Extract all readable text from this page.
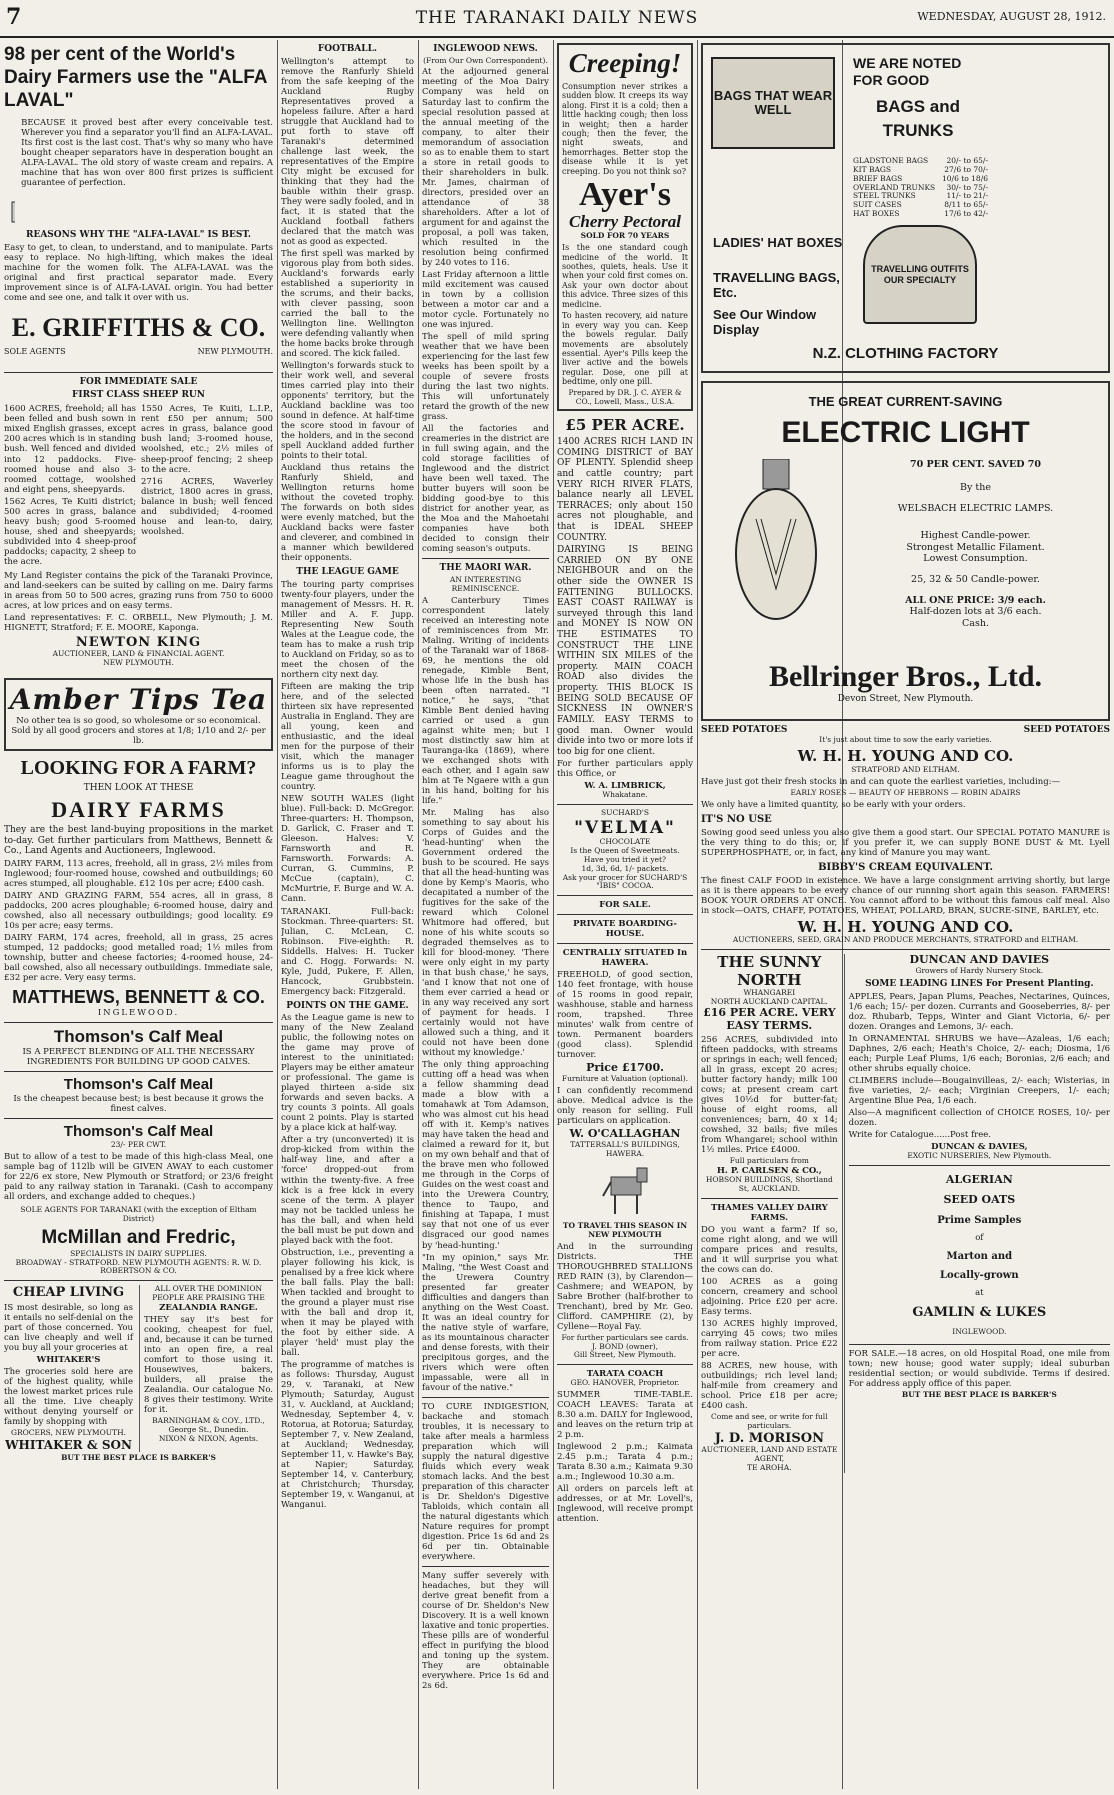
7	THE TARANAKI DAILY NEWS	WEDNESDAY, AUGUST 28, 1912.
98 per cent of the World's Dairy Farmers use the "ALFA LAVAL"
BECAUSE it proved best after every conceivable test. Wherever you find a separator you'll find an ALFA-LAVAL. Its first cost is the last cost. That's why so many who have bought cheaper separators have in desperation bought an ALFA-LAVAL. The old story of waste cream and repairs. A machine that has won over 800 first prizes is sufficient guarantee of perfection.
REASONS WHY THE "ALFA-LAVAL" IS BEST.
Easy to get, to clean, to understand, and to manipulate. Parts easy to replace. No high-lifting, which makes the ideal machine for the women folk. The ALFA-LAVAL was the original and first practical separator made. Every improvement since is of ALFA-LAVAL origin. You had better come and see one, and talk it over with us.
E. GRIFFITHS & CO.
SOLE AGENTS	NEW PLYMOUTH.
FOR IMMEDIATE SALE
FIRST CLASS SHEEP RUN
1600 ACRES, freehold; all has been felled and bush sown in mixed English grasses, except 200 acres which is in standing bush. Well fenced and divided into 12 paddocks. Five-roomed house and also 3-roomed cottage, woolshed and eight pens, sheepyards.
1562 Acres, Te Kuiti district; 500 acres in grass, balance heavy bush; good 5-roomed house, shed and sheepyards; subdivided into 4 sheep-proof paddocks; capacity, 2 sheep to the acre.
1550 Acres, Te Kuiti, L.I.P., rent £50 per annum; 500 acres in grass, balance good bush land; 3-roomed house, woolshed, etc.; 2½ miles of sheep-proof fencing; 2 sheep to the acre.
2716 ACRES, Waverley district, 1800 acres in grass, balance in bush; well fenced and subdivided; 4-roomed house and lean-to, dairy, woolshed.
My Land Register contains the pick of the Taranaki Province, and land-seekers can be suited by calling on me. Dairy farms in areas from 50 to 500 acres, grazing runs from 750 to 6000 acres, at low prices and on easy terms.
Land representatives: F. C. ORBELL, New Plymouth; J. M. HIGNETT, Stratford; F. E. MOORE, Kaponga.
NEWTON KING
AUCTIONEER, LAND & FINANCIAL AGENT.
NEW PLYMOUTH.
Amber Tips Tea
No other tea is so good, so wholesome or so economical.
Sold by all good grocers and stores at 1/8; 1/10 and 2/- per lb.
LOOKING FOR A FARM?
THEN LOOK AT THESE
DAIRY FARMS
They are the best land-buying propositions in the market to-day. Get further particulars from Matthews, Bennett & Co., Land Agents and Auctioneers, Inglewood.
DAIRY FARM, 113 acres, freehold, all in grass, 2½ miles from Inglewood; four-roomed house, cowshed and outbuildings; 60 acres stumped, all ploughable. £12 10s per acre; £400 cash.
DAIRY AND GRAZING FARM, 554 acres, all in grass, 8 paddocks, 200 acres ploughable; 6-roomed house, dairy and cowshed, also all necessary outbuildings; good locality. £9 10s per acre; easy terms.
DAIRY FARM, 174 acres, freehold, all in grass, 25 acres stumped, 12 paddocks; good metalled road; 1½ miles from township, butter and cheese factories; 4-roomed house, 24-bail cowshed, also all necessary outbuildings. Immediate sale, £32 per acre. Very easy terms.
MATTHEWS, BENNETT & CO.
INGLEWOOD.
Thomson's Calf Meal
IS A PERFECT BLENDING OF ALL THE NECESSARY INGREDIENTS FOR BUILDING UP GOOD CALVES.
Thomson's Calf Meal
Is the cheapest because best; is best because it grows the finest calves.
Thomson's Calf Meal
23/- PER CWT.
But to allow of a test to be made of this high-class Meal, one sample bag of 112lb will be GIVEN AWAY to each customer for 22/6 ex store, New Plymouth or Stratford; or 23/6 freight paid to any railway station in Taranaki. (Cash to accompany all orders, and exchange added to cheques.)
SOLE AGENTS FOR TARANAKI (with the exception of Eltham District)
McMillan and Fredric,
SPECIALISTS IN DAIRY SUPPLIES.
BROADWAY - STRATFORD. NEW PLYMOUTH AGENTS: R. W. D. ROBERTSON & CO.
CHEAP LIVING
IS most desirable, so long as it entails no self-denial on the part of those concerned. You can live cheaply and well if you buy all your groceries at
WHITAKER'S
The groceries sold here are of the highest quality, while the lowest market prices rule all the time. Live cheaply without denying yourself or family by shopping with
GROCERS, NEW PLYMOUTH.
WHITAKER & SON
ALL OVER THE DOMINION PEOPLE ARE PRAISING THE
ZEALANDIA RANGE.
THEY say it's best for cooking, cheapest for fuel, and, because it can be turned into an open fire, a real comfort to those using it. Housewives, bakers, builders, all praise the Zealandia. Our catalogue No. 8 gives their testimony. Write for it.
BARNINGHAM & COY., LTD.,
George St., Dunedin.
NIXON & NIXON, Agents.
BUT THE BEST PLACE IS BARKER'S
FOOTBALL.
Wellington's attempt to remove the Ranfurly Shield from the safe keeping of the Auckland Rugby Representatives proved a hopeless failure. After a hard struggle that Auckland had to put forth to stave off Taranaki's determined challenge last week, the representatives of the Empire City might be excused for thinking that they had the bauble within their grasp. They were sadly fooled, and in fact, it is stated that the Auckland football fathers declared that the match was not as good as expected.
The first spell was marked by vigorous play from both sides. Auckland's forwards early established a superiority in the scrums, and their backs, with clever passing, soon carried the ball to the Wellington line. Wellington were defending valiantly when the home backs broke through and scored. The kick failed.
Wellington's forwards stuck to their work well, and several times carried play into their opponents' territory, but the Auckland backline was too sound in defence. At half-time the score stood in favour of the holders, and in the second spell Auckland added further points to their total.
Auckland thus retains the Ranfurly Shield, and Wellington returns home without the coveted trophy. The forwards on both sides were evenly matched, but the Auckland backs were faster and cleverer, and combined in a manner which bewildered their opponents.
THE LEAGUE GAME
The touring party comprises twenty-four players, under the management of Messrs. H. R. Miller and A. F. Jupp. Representing New South Wales at the League code, the team has to make a rush trip to Auckland on Friday, so as to meet the chosen of the northern city next day.
Fifteen are making the trip here, and of the selected thirteen six have represented Australia in England. They are all young, keen and enthusiastic, and the ideal men for the purpose of their visit, which the manager informs us is to play the League game throughout the country.
NEW SOUTH WALES (light blue). Full-back: D. McGregor. Three-quarters: H. Thompson, D. Garlick, C. Fraser and T. Gleeson. Halves: V. Farnsworth and R. Farnsworth. Forwards: A. Curran, G. Cummins, P. McCue (captain), C. McMurtrie, F. Burge and W. A. Cann.
TARANAKI. Full-back: Stockman. Three-quarters: St. Julian, C. McLean, C. Robinson. Five-eighth: R. Siddells. Halves: H. Tucker and C. Hogg. Forwards: N. Kyle, Judd, Pukere, F. Allen, Hancock, Grubbstein. Emergency back: Fitzgerald.
POINTS ON THE GAME.
As the League game is new to many of the New Zealand public, the following notes on the game may prove of interest to the uninitiated: Players may be either amateur or professional. The game is played thirteen a-side six forwards and seven backs. A try counts 3 points. All goals count 2 points. Play is started by a place kick at half-way.
After a try (unconverted) it is drop-kicked from within the half-way line, and after a 'force' dropped-out from within the twenty-five. A free kick is a free kick in every scene of the term. A player may not be tackled unless he has the ball, and when held the ball must be put down and played back with the foot.
Obstruction, i.e., preventing a player following his kick, is penalised by a free kick where the ball falls. Play the ball: When tackled and brought to the ground a player must rise with the ball and drop it, when it may be played with the foot by either side. A player 'held' must play the ball.
The programme of matches is as follows: Thursday, August 29, v. Taranaki, at New Plymouth; Saturday, August 31, v. Auckland, at Auckland; Wednesday, September 4, v. Rotorua, at Rotorua; Saturday, September 7, v. New Zealand, at Auckland; Wednesday, September 11, v. Hawke's Bay, at Napier; Saturday, September 14, v. Canterbury, at Christchurch; Thursday, September 19, v. Wanganui, at Wanganui.
INGLEWOOD NEWS.
(From Our Own Correspondent).
At the adjourned general meeting of the Moa Dairy Company was held on Saturday last to confirm the special resolution passed at the annual meeting of the company, to alter their memorandum of association so as to enable them to start a store in retail goods to their shareholders in bulk. Mr. James, chairman of directors, presided over an attendance of 38 shareholders. After a lot of argument for and against the proposal, a poll was taken, which resulted in the resolution being confirmed by 240 votes to 116.
Last Friday afternoon a little mild excitement was caused in town by a collision between a motor car and a motor cycle. Fortunately no one was injured.
The spell of mild spring weather that we have been experiencing for the last few weeks has been spoilt by a couple of severe frosts during the last two nights. This will unfortunately retard the growth of the new grass.
All the factories and creameries in the district are in full swing again, and the cold storage facilities of Inglewood and the district have been well taxed. The butter buyers will soon be bidding good-bye to this district for another year, as the Moa and the Mahoetahi companies have both decided to consign their coming season's outputs.
THE MAORI WAR.
AN INTERESTING REMINISCENCE.
A Canterbury Times correspondent lately received an interesting note of reminiscences from Mr. Maling. Writing of incidents of the Taranaki war of 1868-69, he mentions the old renegade, Kimble Bent, whose life in the bush has been often narrated. "I notice," he says, "that Kimble Bent denied having carried or used a gun against white men; but I most distinctly saw him at Tauranga-ika (1869), where we exchanged shots with each other, and I again saw him at Te Ngaere with a gun in his hand, bolting for his life."
Mr. Maling has also something to say about his Corps of Guides and the 'head-hunting' when the Government ordered the bush to be scoured. He says that all the head-hunting was done by Kemp's Maoris, who decapitated a number of the fugitives for the sake of the reward which Colonel Whitmore had offered, but none of his white scouts so degraded themselves as to kill for blood-money. 'There were only eight in my party in that bush chase,' he says, 'and I know that not one of them ever carried a head or in any way received any sort of payment for heads. I certainly would not have allowed such a thing, and it could not have been done without my knowledge.'
The only thing approaching cutting off a head was when a fellow shamming dead made a blow with a tomahawk at Tom Adamson, who was almost cut his head off with it. Kemp's natives may have taken the head and claimed a reward for it, but on my own behalf and that of the brave men who followed me through in the Corps of Guides on the west coast and into the Urewera Country, thence to Taupo, and finishing at Tapapa, I must say that not one of us ever disgraced our good names by 'head-hunting.'
"In my opinion," says Mr. Maling, "the West Coast and the Urewera Country presented far greater difficulties and dangers than anything on the West Coast. It was an ideal country for the native style of warfare, as its mountainous character and dense forests, with their precipitous gorges, and the rivers which were often impassable, were all in favour of the native."
TO CURE INDIGESTION, backache and stomach troubles, it is necessary to take after meals a harmless preparation which will supply the natural digestive fluids which every weak stomach lacks. And the best preparation of this character is Dr. Sheldon's Digestive Tabloids, which contain all the natural digestants which Nature requires for prompt digestion. Price 1s 6d and 2s 6d per tin. Obtainable everywhere.
Many suffer severely with headaches, but they will derive great benefit from a course of Dr. Sheldon's New Discovery. It is a well known laxative and tonic properties. These pills are of wonderful effect in purifying the blood and toning up the system. They are obtainable everywhere. Price 1s 6d and 2s 6d.
Creeping!
Consumption never strikes a sudden blow. It creeps its way along. First it is a cold; then a little hacking cough; then loss in weight; then a harder cough; then the fever, the night sweats, and hemorrhages. Better stop the disease while it is yet creeping. Do you not think so?
Ayer's
Cherry Pectoral
SOLD FOR 70 YEARS
Is the one standard cough medicine of the world. It soothes, quiets, heals. Use it when your cold first comes on. Ask your own doctor about this advice. Three sizes of this medicine.
To hasten recovery, aid nature in every way you can. Keep the bowels regular. Daily movements are absolutely essential. Ayer's Pills keep the liver active and the bowels regular. Dose, one pill at bedtime, only one pill.
Prepared by DR. J. C. AYER & CO., Lowell, Mass., U.S.A.
£5 PER ACRE.
1400 ACRES RICH LAND IN COMING DISTRICT of BAY OF PLENTY. Splendid sheep and cattle country; part VERY RICH RIVER FLATS, balance nearly all LEVEL TERRACES; only about 150 acres not ploughable, and that is IDEAL SHEEP COUNTRY.
DAIRYING IS BEING CARRIED ON BY ONE NEIGHBOUR and on the other side the OWNER IS FATTENING BULLOCKS. EAST COAST RAILWAY is surveyed through this land and MONEY IS NOW ON THE ESTIMATES TO CONSTRUCT THE LINE WITHIN SIX MILES of the property. MAIN COACH ROAD also divides the property. THIS BLOCK IS BEING SOLD BECAUSE OF SICKNESS IN OWNER'S FAMILY. EASY TERMS to good man. Owner would divide into two or more lots if too big for one client.
For further particulars apply this Office, or
W. A. LIMBRICK,
Whakatane.
SUCHARD'S
"VELMA"
CHOCOLATE
Is the Queen of Sweetmeats.
Have you tried it yet?
1d, 3d, 6d, 1/- packets.
Ask your grocer for SUCHARD'S "IBIS" COCOA.
FOR SALE.
PRIVATE BOARDING-HOUSE.
CENTRALLY SITUATED In HAWERA.
FREEHOLD, of good section, 140 feet frontage, with house of 15 rooms in good repair, washhouse, stable and harness room, trapshed. Three minutes' walk from centre of town. Permanent boarders (good class). Splendid turnover.
Price £1700.
Furniture at Valuation (optional).
I can confidently recommend above. Medical advice is the only reason for selling. Full particulars on application.
W. O'CALLAGHAN
TATTERSALL'S BUILDINGS, HAWERA.
TO TRAVEL THIS SEASON IN NEW PLYMOUTH
And in the surrounding Districts. THE THOROUGHBRED STALLIONS RED RAIN (3), by Clarendon—Cashmere; and WEAPON, by Sabre Brother (half-brother to Trenchant), bred by Mr. Geo. Clifford. CAMPHIRE (2), by Cyllene—Royal Fay.
For further particulars see cards.
J. BOND (owner),
Gill Street, New Plymouth.
TARATA COACH
GEO. HANOVER, Proprietor.
SUMMER TIME-TABLE. COACH LEAVES: Tarata at 8.30 a.m. DAILY for Inglewood, and leaves on the return trip at 2 p.m.
Inglewood 2 p.m.; Kaimata 2.45 p.m.; Tarata 4 p.m.; Tarata 8.30 a.m.; Kaimata 9.30 a.m.; Inglewood 10.30 a.m.
All orders on parcels left at addresses, or at Mr. Lovell's, Inglewood, will receive prompt attention.
BAGS THAT WEAR WELL
WE ARE NOTED FOR GOOD
BAGS and TRUNKS
GLADSTONE BAGS 20/- to 65/-
KIT BAGS	27/6 to 70/-
BRIEF BAGS	10/6 to 18/6
OVERLAND TRUNKS 30/- to 75/-
STEEL TRUNKS	11/- to 21/-
SUIT CASES	8/11 to 65/-
HAT BOXES	17/6 to 42/-
LADIES' HAT BOXES
TRAVELLING BAGS, Etc.
See Our Window Display
TRAVELLING OUTFITS OUR SPECIALTY
N.Z. CLOTHING FACTORY
THE GREAT CURRENT-SAVING
ELECTRIC LIGHT
70 PER CENT. SAVED 70
By the
WELSBACH ELECTRIC LAMPS.
Highest Candle-power.
Strongest Metallic Filament.
Lowest Consumption.
25, 32 & 50 Candle-power.
ALL ONE PRICE: 3/9 each.
Half-dozen lots at 3/6 each.
Cash.
Bellringer Bros., Ltd.
Devon Street, New Plymouth.
SEED POTATOES	SEED POTATOES
It's just about time to sow the early varieties.
W. H. H. YOUNG AND CO.
STRATFORD AND ELTHAM.
Have just got their fresh stocks in and can quote the earliest varieties, including:—
EARLY ROSES — BEAUTY OF HEBRONS — ROBIN ADAIRS
We only have a limited quantity, so be early with your orders.
IT'S NO USE
Sowing good seed unless you also give them a good start. Our SPECIAL POTATO MANURE is the very thing to do this; or, if you prefer it, we can supply BONE DUST & Mt. Lyell SUPERPHOSPHATE, or, in fact, any kind of Manure you may want.
BIBBY'S CREAM EQUIVALENT.
The finest CALF FOOD in existence. We have a large consignment arriving shortly, but large as it is there appears to be every chance of our running short again this season. FARMERS! BOOK YOUR ORDERS AT ONCE. You cannot afford to be without this famous calf meal. Also in stock—OATS, CHAFF, POTATOES, WHEAT, POLLARD, BRAN, SUCRE-SINE, BARLEY, etc.
W. H. H. YOUNG AND CO.
AUCTIONEERS, SEED, GRAIN AND PRODUCE MERCHANTS, STRATFORD and ELTHAM.
THE SUNNY NORTH
WHANGAREI
NORTH AUCKLAND CAPITAL.
£16 PER ACRE. VERY EASY TERMS.
256 ACRES, subdivided into fifteen paddocks, with streams or springs in each; well fenced; all in grass, except 20 acres; butter factory handy; milk 100 cows; at present cream cart gives 10½d for butter-fat; house of eight rooms, all conveniences; barn, 40 x 14; cowshed, 32 bails; five miles from Whangarei; school within 1½ miles. Price £4000.
Full particulars from
H. P. CARLSEN & CO.,
HOBSON BUILDINGS, Shortland St, AUCKLAND.
THAMES VALLEY DAIRY FARMS.
DO you want a farm? If so, come right along, and we will compare prices and results, and it will surprise you what the cows can do.
100 ACRES as a going concern, creamery and school adjoining. Price £20 per acre. Easy terms.
130 ACRES highly improved, carrying 45 cows; two miles from railway station. Price £22 per acre.
88 ACRES, new house, with outbuildings; rich level land; half-mile from creamery and school. Price £18 per acre; £400 cash.
Come and see, or write for full particulars.
J. D. MORISON
AUCTIONEER, LAND AND ESTATE AGENT,
TE AROHA.
DUNCAN AND DAVIES
Growers of Hardy Nursery Stock.
SOME LEADING LINES For Present Planting.
APPLES, Pears, Japan Plums, Peaches, Nectarines, Quinces, 1/6 each; 15/- per dozen. Currants and Gooseberries, 8/- per doz. Rhubarb, Tepps, Winter and Giant Victoria, 6/- per dozen. Oranges and Lemons, 3/- each.
In ORNAMENTAL SHRUBS we have—Azaleas, 1/6 each; Daphnes, 2/6 each; Heath's Choice, 2/- each; Diosma, 1/6 each; Purple Leaf Plums, 1/6 each; Boronias, 2/6 each; and other shrubs equally choice.
CLIMBERS include—Bougainvilleas, 2/- each; Wisterias, in five varieties, 2/- each; Virginian Creepers, 1/- each; Argentine Blue Pea, 1/6 each.
Also—A magnificent collection of CHOICE ROSES, 10/- per dozen.
Write for Catalogue......Post free.
DUNCAN & DAVIES,
EXOTIC NURSERIES, New Plymouth.
ALGERIAN
SEED OATS
Prime Samples
of
Marton and
Locally-grown
at
GAMLIN & LUKES
INGLEWOOD.
FOR SALE.—18 acres, on old Hospital Road, one mile from town; new house; good water supply; ideal suburban residential section; or would subdivide. Terms if desired. For address apply office of this paper.
BUT THE BEST PLACE IS BARKER'S
